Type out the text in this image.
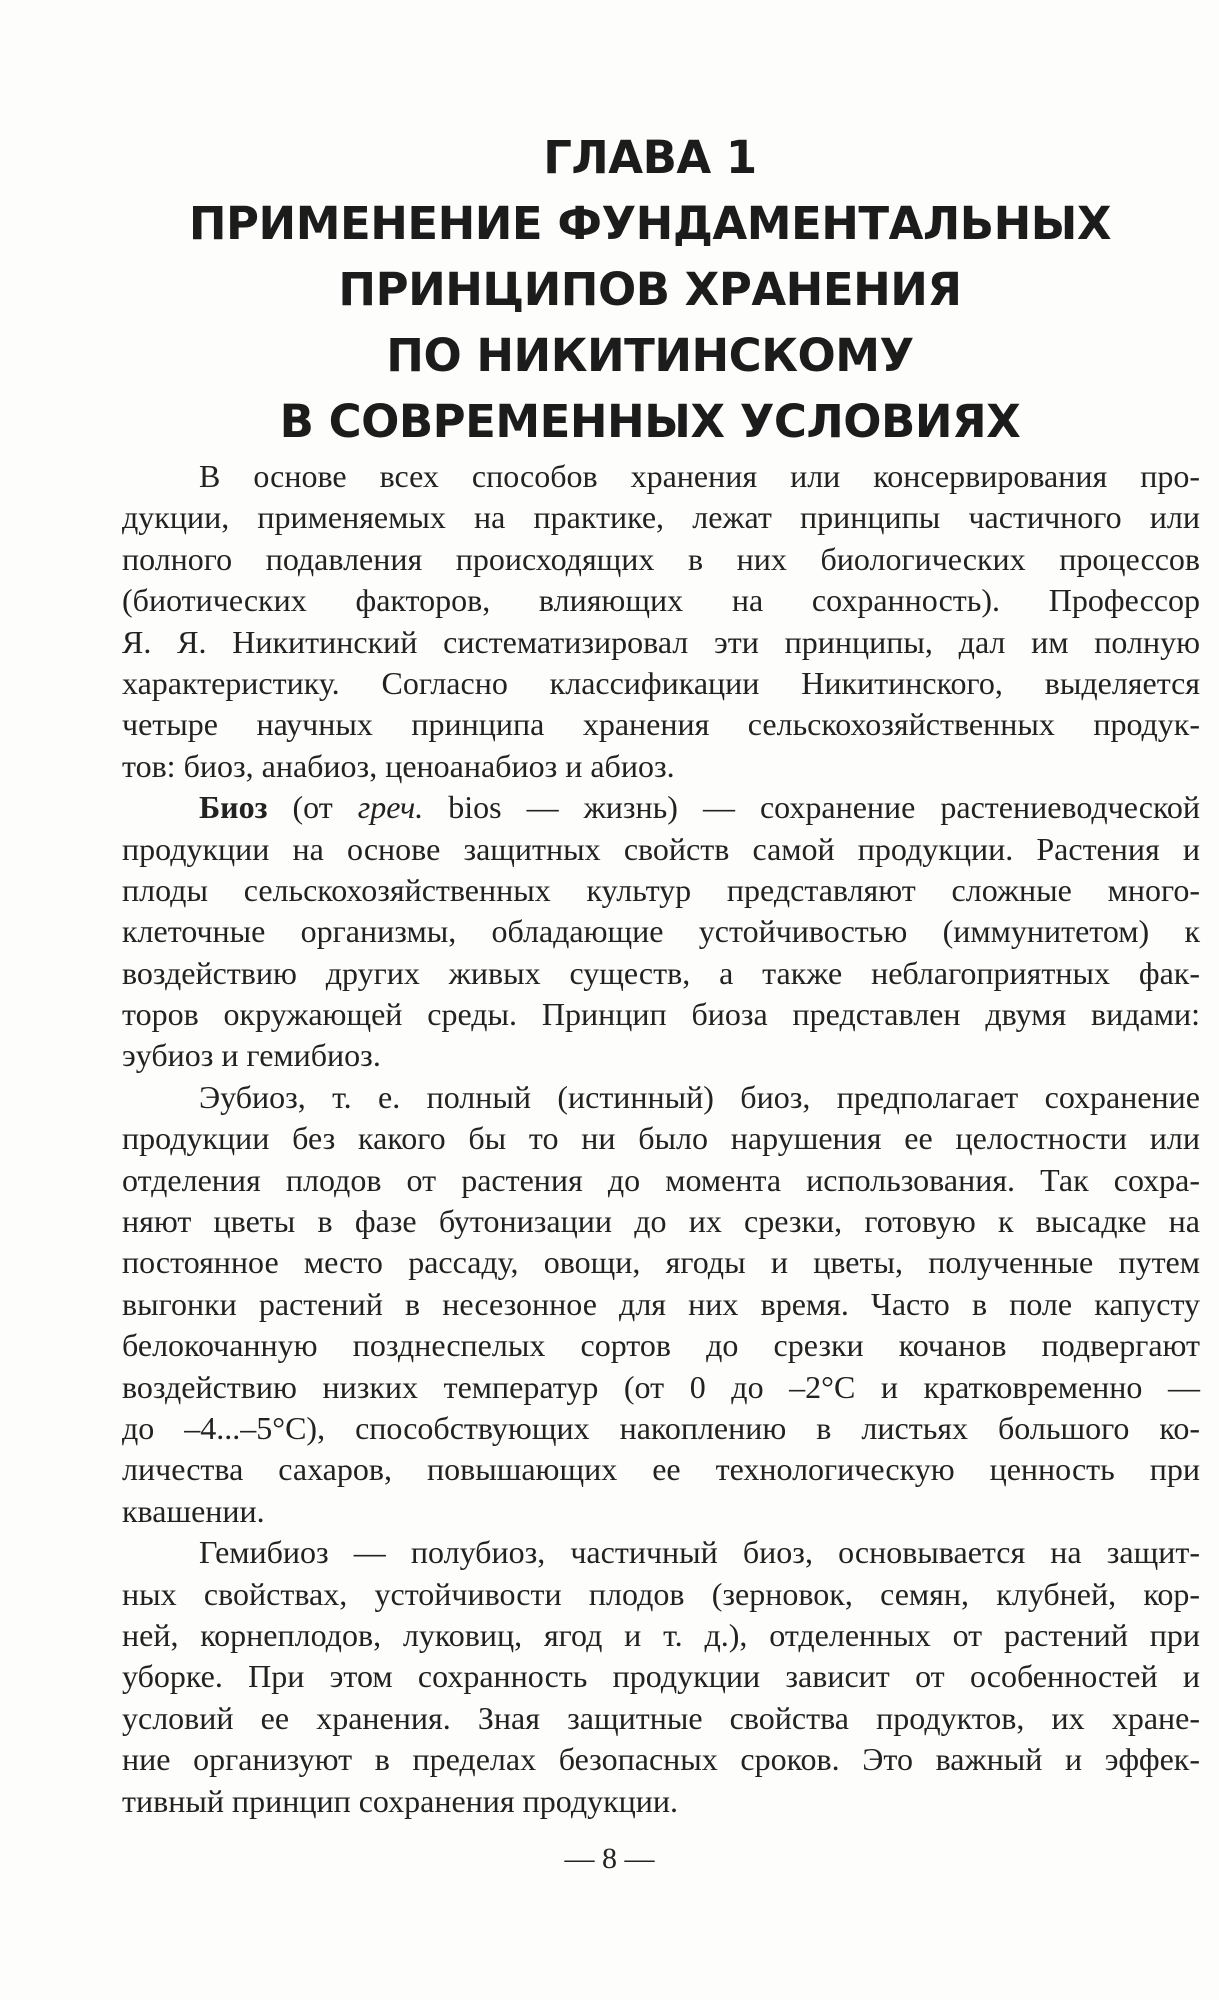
ГЛАВА 1
ПРИМЕНЕНИЕ ФУНДАМЕНТАЛЬНЫХ
ПРИНЦИПОВ ХРАНЕНИЯ
ПО НИКИТИНСКОМУ
В СОВРЕМЕННЫХ УСЛОВИЯХ
В основе всех способов хранения или консервирования про-
дукции, применяемых на практике, лежат принципы частичного или
полного подавления происходящих в них биологических процессов
(биотических факторов, влияющих на сохранность). Профессор
Я. Я. Никитинский систематизировал эти принципы, дал им полную
характеристику. Согласно классификации Никитинского, выделяется
четыре научных принципа хранения сельскохозяйственных продук-
тов: биоз, анабиоз, ценоанабиоз и абиоз.
Биоз (от греч. bios — жизнь) — сохранение растениеводческой
продукции на основе защитных свойств самой продукции. Растения и
плоды сельскохозяйственных культур представляют сложные много-
клеточные организмы, обладающие устойчивостью (иммунитетом) к
воздействию других живых существ, а также неблагоприятных фак-
торов окружающей среды. Принцип биоза представлен двумя видами:
эубиоз и гемибиоз.
Эубиоз, т. е. полный (истинный) биоз, предполагает сохранение
продукции без какого бы то ни было нарушения ее целостности или
отделения плодов от растения до момента использования. Так сохра-
няют цветы в фазе бутонизации до их срезки, готовую к высадке на
постоянное место рассаду, овощи, ягоды и цветы, полученные путем
выгонки растений в несезонное для них время. Часто в поле капусту
белокочанную позднеспелых сортов до срезки кочанов подвергают
воздействию низких температур (от 0 до –2°С и кратковременно —
до –4...–5°С), способствующих накоплению в листьях большого ко-
личества сахаров, повышающих ее технологическую ценность при
квашении.
Гемибиоз — полубиоз, частичный биоз, основывается на защит-
ных свойствах, устойчивости плодов (зерновок, семян, клубней, кор-
ней, корнеплодов, луковиц, ягод и т. д.), отделенных от растений при
уборке. При этом сохранность продукции зависит от особенностей и
условий ее хранения. Зная защитные свойства продуктов, их хране-
ние организуют в пределах безопасных сроков. Это важный и эффек-
тивный принцип сохранения продукции.
— 8 —
